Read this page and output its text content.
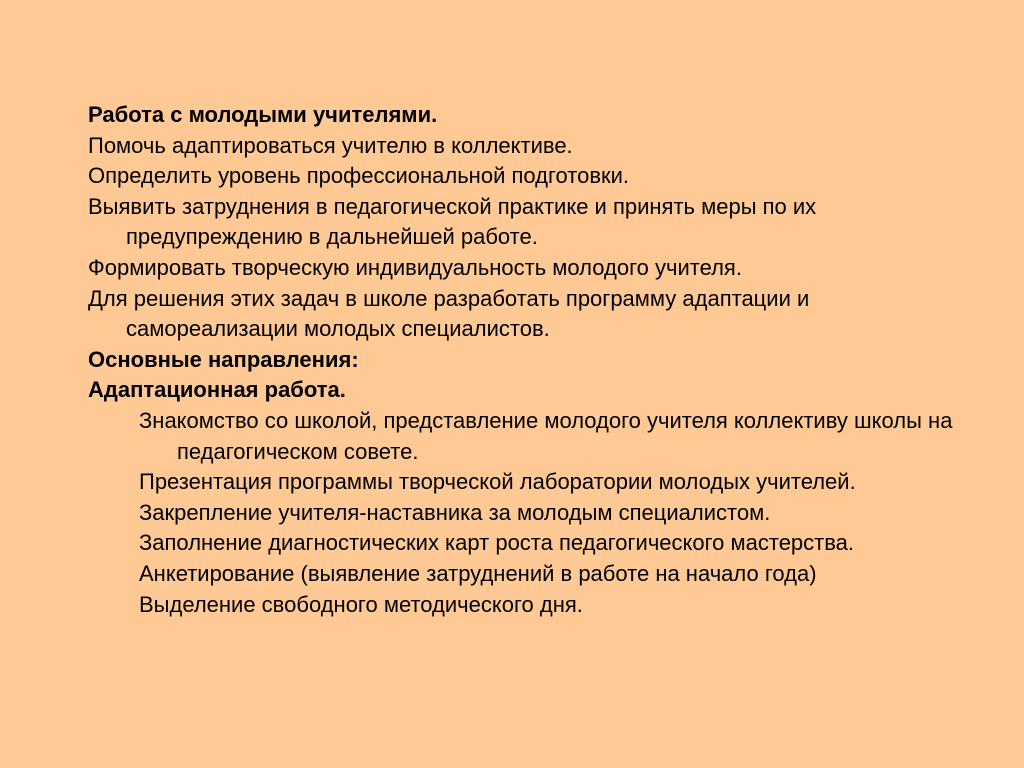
Работа с молодыми учителями.

Помочь адаптироваться учителю в коллективе.

Определить уровень профессиональной подготовки.

Выявить затруднения в педагогической практике и принять меры по их предупреждению в дальнейшей работе.

Формировать творческую индивидуальность молодого учителя.

Для решения этих задач в школе разработать программу адаптации и самореализации молодых специалистов.

Основные направления:

Адаптационная работа.

Знакомство со школой, представление молодого учителя коллективу школы на педагогическом совете.

Презентация программы творческой лаборатории молодых учителей.

Закрепление учителя-наставника за молодым специалистом.

Заполнение диагностических карт роста педагогического мастерства.

Анкетирование (выявление затруднений в работе на начало года)

Выделение свободного методического дня.
